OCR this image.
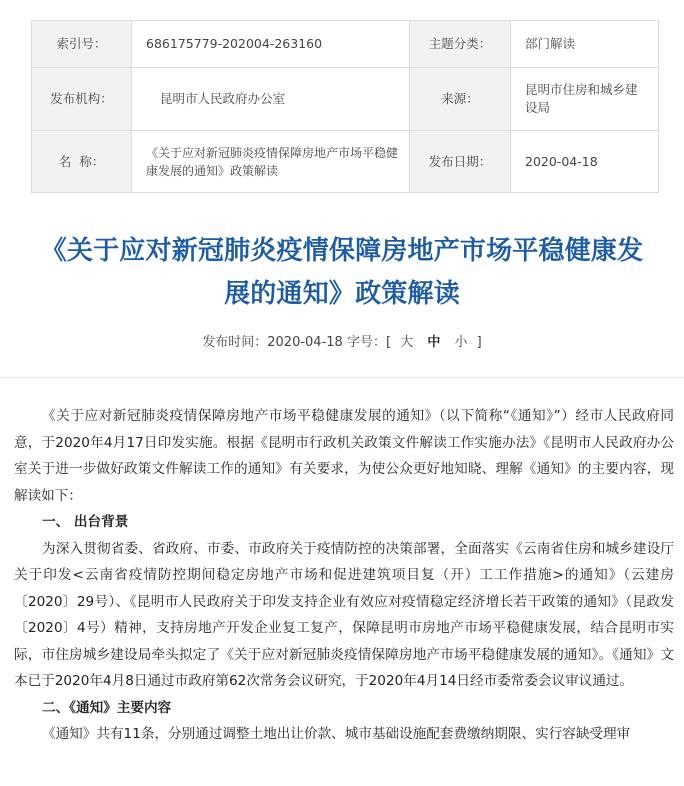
索引号：	686175779-202004-263160	主题分类：	部门解读
发布机构：	昆明市人民政府办公室	来源：	昆明市住房和城乡建设局
名  称：	《关于应对新冠肺炎疫情保障房地产市场平稳健康发展的通知》政策解读	发布日期：	2020-04-18
《关于应对新冠肺炎疫情保障房地产市场平稳健康发展的通知》政策解读
发布时间：2020-04-18 字号：[ 大 中 小 ]

《关于应对新冠肺炎疫情保障房地产市场平稳健康发展的通知》（以下简称“《通知》”）经市人民政府同意，于2020年4月17日印发实施。根据《昆明市行政机关政策文件解读工作实施办法》《昆明市人民政府办公室关于进一步做好政策文件解读工作的通知》有关要求，为使公众更好地知晓、理解《通知》的主要内容，现解读如下：

一、 出台背景

为深入贯彻省委、省政府、市委、市政府关于疫情防控的决策部署，全面落实《云南省住房和城乡建设厅关于印发<云南省疫情防控期间稳定房地产市场和促进建筑项目复（开）工工作措施>的通知》（云建房〔2020〕29号）、《昆明市人民政府关于印发支持企业有效应对疫情稳定经济增长若干政策的通知》（昆政发〔2020〕4号）精神，支持房地产开发企业复工复产，保障昆明市房地产市场平稳健康发展，结合昆明市实际，市住房城乡建设局牵头拟定了《关于应对新冠肺炎疫情保障房地产市场平稳健康发展的通知》。《通知》文本已于2020年4月8日通过市政府第62次常务会议研究，于2020年4月14日经市委常委会议审议通过。

二、《通知》主要内容

《通知》共有11条，分别通过调整土地出让价款、城市基础设施配套费缴纳期限、实行容缺受理审
